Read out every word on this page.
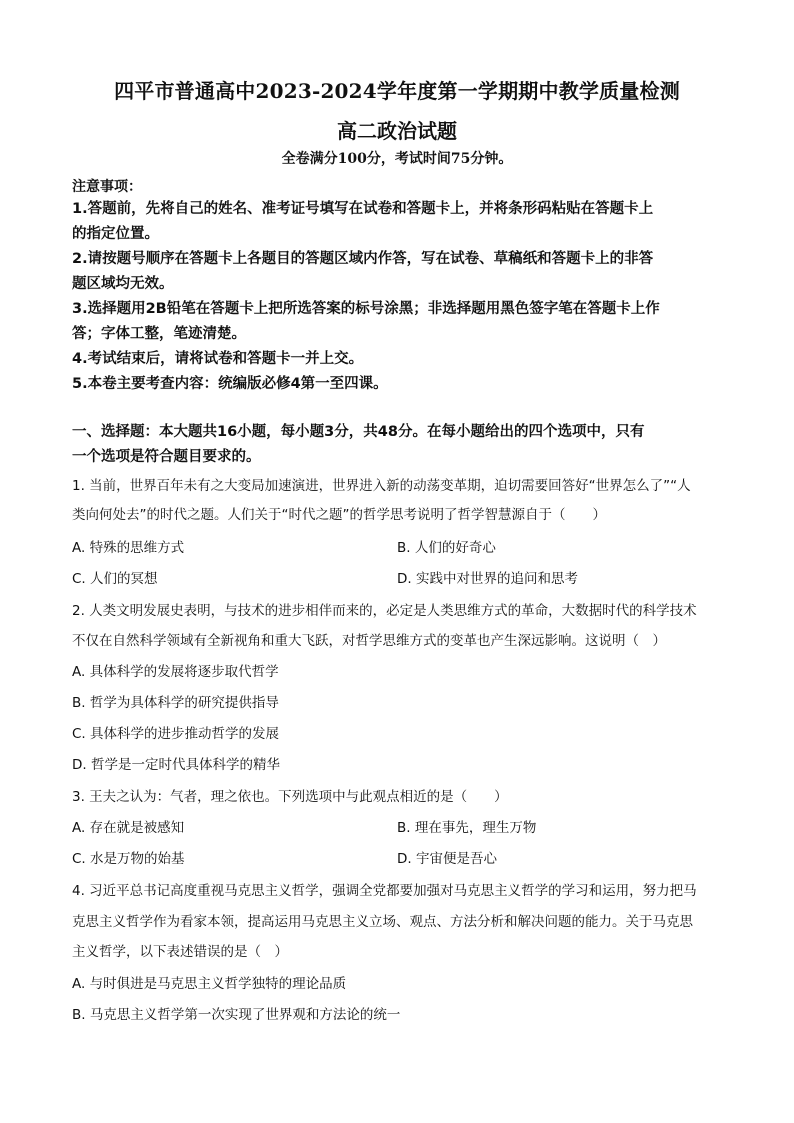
四平市普通高中2023-2024学年度第一学期期中教学质量检测
高二政治试题
全卷满分100分，考试时间75分钟。
注意事项：
1.答题前，先将自己的姓名、准考证号填写在试卷和答题卡上，并将条形码粘贴在答题卡上
的指定位置。
2.请按题号顺序在答题卡上各题目的答题区域内作答，写在试卷、草稿纸和答题卡上的非答
题区域均无效。
3.选择题用2B铅笔在答题卡上把所选答案的标号涂黑；非选择题用黑色签字笔在答题卡上作
答；字体工整，笔迹清楚。
4.考试结束后，请将试卷和答题卡一并上交。
5.本卷主要考查内容：统编版必修4第一至四课。
一、选择题：本大题共16小题，每小题3分，共48分。在每小题给出的四个选项中，只有
一个选项是符合题目要求的。
1. 当前，世界百年未有之大变局加速演进，世界进入新的动荡变革期，迫切需要回答好“世界怎么了”“人
类向何处去”的时代之题。人们关于“时代之题”的哲学思考说明了哲学智慧源自于（　　）
A. 特殊的思维方式	B. 人们的好奇心
C. 人们的冥想	D. 实践中对世界的追问和思考
2. 人类文明发展史表明，与技术的进步相伴而来的，必定是人类思维方式的革命，大数据时代的科学技术
不仅在自然科学领域有全新视角和重大飞跃，对哲学思维方式的变革也产生深远影响。这说明（　）
A. 具体科学的发展将逐步取代哲学
B. 哲学为具体科学的研究提供指导
C. 具体科学的进步推动哲学的发展
D. 哲学是一定时代具体科学的精华
3. 王夫之认为：气者，理之依也。下列选项中与此观点相近的是（　　）
A. 存在就是被感知	B. 理在事先，理生万物
C. 水是万物的始基	D. 宇宙便是吾心
4. 习近平总书记高度重视马克思主义哲学，强调全党都要加强对马克思主义哲学的学习和运用，努力把马
克思主义哲学作为看家本领，提高运用马克思主义立场、观点、方法分析和解决问题的能力。关于马克思
主义哲学，以下表述错误的是（　）
A. 与时俱进是马克思主义哲学独特的理论品质
B. 马克思主义哲学第一次实现了世界观和方法论的统一
